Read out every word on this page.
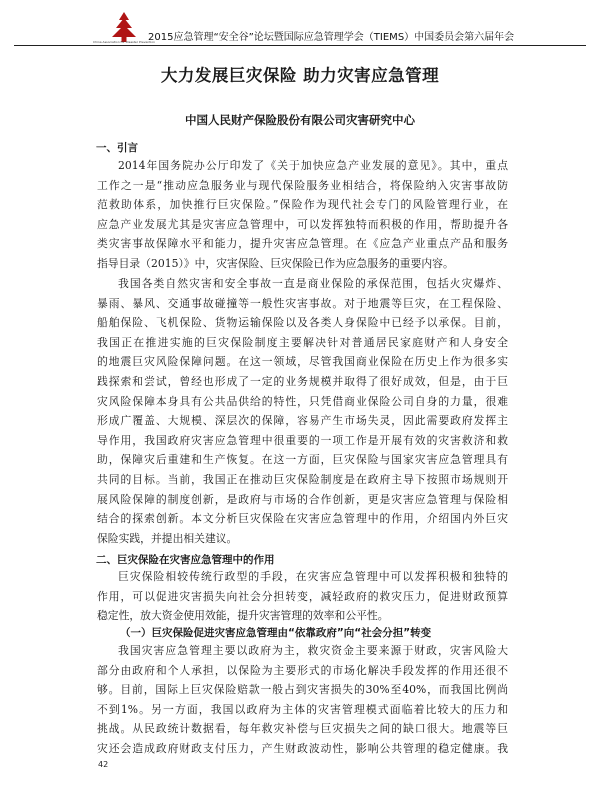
China Association for Disaster Prevention
2015应急管理“安全谷”论坛暨国际应急管理学会（TIEMS）中国委员会第六届年会
大力发展巨灾保险 助力灾害应急管理
中国人民财产保险股份有限公司灾害研究中心
一、引言
2014年国务院办公厅印发了《关于加快应急产业发展的意见》。其中，重点
工作之一是“推动应急服务业与现代保险服务业相结合，将保险纳入灾害事故防
范救助体系，加快推行巨灾保险。”保险作为现代社会专门的风险管理行业，在
应急产业发展尤其是灾害应急管理中，可以发挥独特而积极的作用，帮助提升各
类灾害事故保障水平和能力，提升灾害应急管理。在《应急产业重点产品和服务
指导目录（2015）》中，灾害保险、巨灾保险已作为应急服务的重要内容。
我国各类自然灾害和安全事故一直是商业保险的承保范围，包括火灾爆炸、
暴雨、暴风、交通事故碰撞等一般性灾害事故。对于地震等巨灾，在工程保险、
船舶保险、飞机保险、货物运输保险以及各类人身保险中已经予以承保。目前，
我国正在推进实施的巨灾保险制度主要解决针对普通居民家庭财产和人身安全
的地震巨灾风险保障问题。在这一领域，尽管我国商业保险在历史上作为很多实
践探索和尝试，曾经也形成了一定的业务规模并取得了很好成效，但是，由于巨
灾风险保障本身具有公共品供给的特性，只凭借商业保险公司自身的力量，很难
形成广覆盖、大规模、深层次的保障，容易产生市场失灵，因此需要政府发挥主
导作用，我国政府灾害应急管理中很重要的一项工作是开展有效的灾害救济和救
助，保障灾后重建和生产恢复。在这一方面，巨灾保险与国家灾害应急管理具有
共同的目标。当前，我国正在推动巨灾保险制度是在政府主导下按照市场规则开
展风险保障的制度创新，是政府与市场的合作创新，更是灾害应急管理与保险相
结合的探索创新。本文分析巨灾保险在灾害应急管理中的作用，介绍国内外巨灾
保险实践，并提出相关建议。
二、巨灾保险在灾害应急管理中的作用
巨灾保险相较传统行政型的手段，在灾害应急管理中可以发挥积极和独特的
作用，可以促进灾害损失向社会分担转变，减轻政府的救灾压力，促进财政预算
稳定性，放大资金使用效能，提升灾害管理的效率和公平性。
（一）巨灾保险促进灾害应急管理由“依靠政府”向“社会分担”转变
我国灾害应急管理主要以政府为主，救灾资金主要来源于财政，灾害风险大
部分由政府和个人承担，以保险为主要形式的市场化解决手段发挥的作用还很不
够。目前，国际上巨灾保险赔款一般占到灾害损失的30%至40%，而我国比例尚
不到1%。另一方面，我国以政府为主体的灾害管理模式面临着比较大的压力和
挑战。从民政统计数据看，每年救灾补偿与巨灾损失之间的缺口很大。地震等巨
灾还会造成政府财政支付压力，产生财政波动性，影响公共管理的稳定健康。我
42
